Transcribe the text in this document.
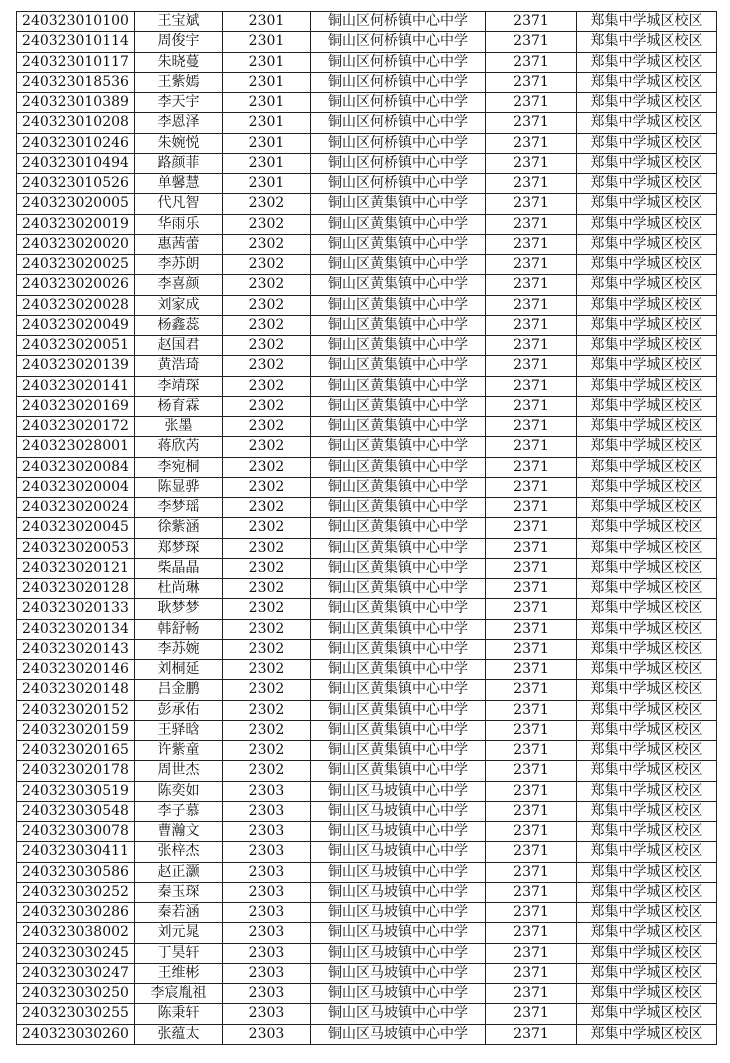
240323010100	王宝斌	2301	铜山区何桥镇中心中学	2371	郑集中学城区校区
240323010114	周俊宇	2301	铜山区何桥镇中心中学	2371	郑集中学城区校区
240323010117	朱晓蔓	2301	铜山区何桥镇中心中学	2371	郑集中学城区校区
240323018536	王紫嫣	2301	铜山区何桥镇中心中学	2371	郑集中学城区校区
240323010389	李天宇	2301	铜山区何桥镇中心中学	2371	郑集中学城区校区
240323010208	李恩泽	2301	铜山区何桥镇中心中学	2371	郑集中学城区校区
240323010246	朱婉悦	2301	铜山区何桥镇中心中学	2371	郑集中学城区校区
240323010494	路颜菲	2301	铜山区何桥镇中心中学	2371	郑集中学城区校区
240323010526	单馨慧	2301	铜山区何桥镇中心中学	2371	郑集中学城区校区
240323020005	代凡智	2302	铜山区黄集镇中心中学	2371	郑集中学城区校区
240323020019	华雨乐	2302	铜山区黄集镇中心中学	2371	郑集中学城区校区
240323020020	惠茜蕾	2302	铜山区黄集镇中心中学	2371	郑集中学城区校区
240323020025	李苏朗	2302	铜山区黄集镇中心中学	2371	郑集中学城区校区
240323020026	李喜颜	2302	铜山区黄集镇中心中学	2371	郑集中学城区校区
240323020028	刘家成	2302	铜山区黄集镇中心中学	2371	郑集中学城区校区
240323020049	杨鑫蕊	2302	铜山区黄集镇中心中学	2371	郑集中学城区校区
240323020051	赵国君	2302	铜山区黄集镇中心中学	2371	郑集中学城区校区
240323020139	黄浩琦	2302	铜山区黄集镇中心中学	2371	郑集中学城区校区
240323020141	李靖琛	2302	铜山区黄集镇中心中学	2371	郑集中学城区校区
240323020169	杨育霖	2302	铜山区黄集镇中心中学	2371	郑集中学城区校区
240323020172	张墨	2302	铜山区黄集镇中心中学	2371	郑集中学城区校区
240323028001	蒋欣芮	2302	铜山区黄集镇中心中学	2371	郑集中学城区校区
240323020084	李宛桐	2302	铜山区黄集镇中心中学	2371	郑集中学城区校区
240323020004	陈显骅	2302	铜山区黄集镇中心中学	2371	郑集中学城区校区
240323020024	李梦瑶	2302	铜山区黄集镇中心中学	2371	郑集中学城区校区
240323020045	徐紫涵	2302	铜山区黄集镇中心中学	2371	郑集中学城区校区
240323020053	郑梦琛	2302	铜山区黄集镇中心中学	2371	郑集中学城区校区
240323020121	柴晶晶	2302	铜山区黄集镇中心中学	2371	郑集中学城区校区
240323020128	杜尚琳	2302	铜山区黄集镇中心中学	2371	郑集中学城区校区
240323020133	耿梦梦	2302	铜山区黄集镇中心中学	2371	郑集中学城区校区
240323020134	韩舒畅	2302	铜山区黄集镇中心中学	2371	郑集中学城区校区
240323020143	李苏婉	2302	铜山区黄集镇中心中学	2371	郑集中学城区校区
240323020146	刘桐延	2302	铜山区黄集镇中心中学	2371	郑集中学城区校区
240323020148	吕金鹏	2302	铜山区黄集镇中心中学	2371	郑集中学城区校区
240323020152	彭承佑	2302	铜山区黄集镇中心中学	2371	郑集中学城区校区
240323020159	王驿晗	2302	铜山区黄集镇中心中学	2371	郑集中学城区校区
240323020165	许紫童	2302	铜山区黄集镇中心中学	2371	郑集中学城区校区
240323020178	周世杰	2302	铜山区黄集镇中心中学	2371	郑集中学城区校区
240323030519	陈奕如	2303	铜山区马坡镇中心中学	2371	郑集中学城区校区
240323030548	李子慕	2303	铜山区马坡镇中心中学	2371	郑集中学城区校区
240323030078	曹瀚文	2303	铜山区马坡镇中心中学	2371	郑集中学城区校区
240323030411	张梓杰	2303	铜山区马坡镇中心中学	2371	郑集中学城区校区
240323030586	赵正灏	2303	铜山区马坡镇中心中学	2371	郑集中学城区校区
240323030252	秦玉琛	2303	铜山区马坡镇中心中学	2371	郑集中学城区校区
240323030286	秦若涵	2303	铜山区马坡镇中心中学	2371	郑集中学城区校区
240323038002	刘元晁	2303	铜山区马坡镇中心中学	2371	郑集中学城区校区
240323030245	丁昊轩	2303	铜山区马坡镇中心中学	2371	郑集中学城区校区
240323030247	王维彬	2303	铜山区马坡镇中心中学	2371	郑集中学城区校区
240323030250	李宸胤祖	2303	铜山区马坡镇中心中学	2371	郑集中学城区校区
240323030255	陈秉轩	2303	铜山区马坡镇中心中学	2371	郑集中学城区校区
240323030260	张蕴太	2303	铜山区马坡镇中心中学	2371	郑集中学城区校区
